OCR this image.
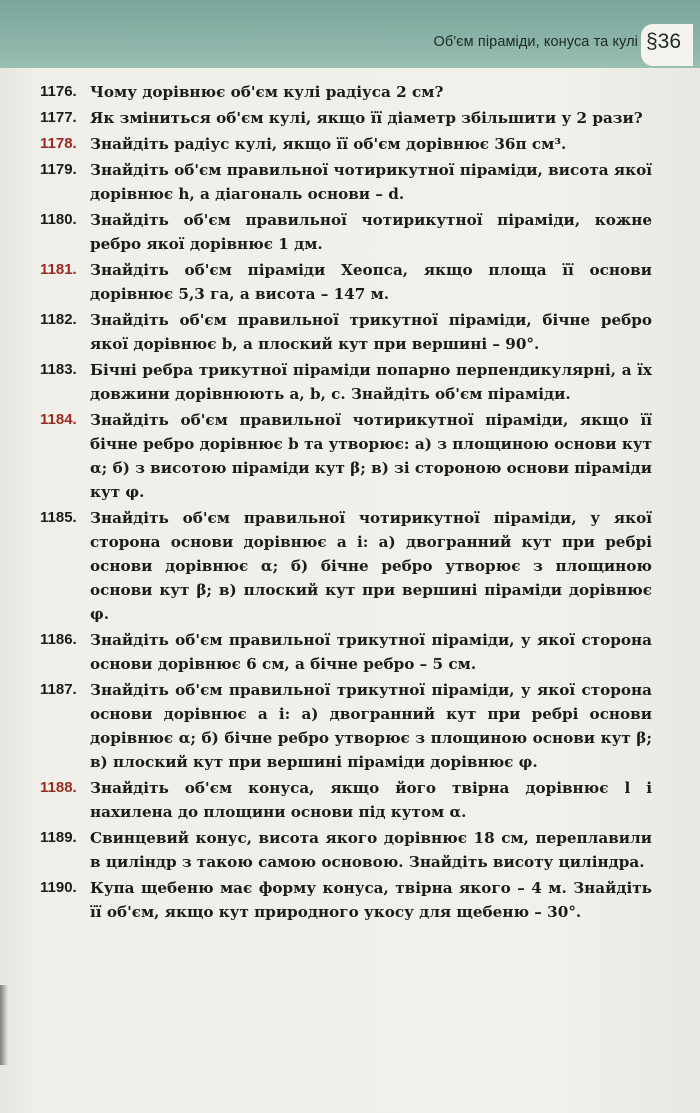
Об'єм піраміди, конуса та кулі §36
1176. Чому дорівнює об'єм кулі радіуса 2 см?
1177. Як зміниться об'єм кулі, якщо її діаметр збільшити у 2 рази?
1178. Знайдіть радіус кулі, якщо її об'єм дорівнює 36π см³.
1179. Знайдіть об'єм правильної чотирикутної піраміди, висота якої дорівнює h, а діагональ основи – d.
1180. Знайдіть об'єм правильної чотирикутної піраміди, кожне ребро якої дорівнює 1 дм.
1181. Знайдіть об'єм піраміди Хеопса, якщо площа її основи дорівнює 5,3 га, а висота – 147 м.
1182. Знайдіть об'єм правильної трикутної піраміди, бічне ребро якої дорівнює b, а плоский кут при вершині – 90°.
1183. Бічні ребра трикутної піраміди попарно перпендикулярні, а їх довжини дорівнюють a, b, c. Знайдіть об'єм піраміди.
1184. Знайдіть об'єм правильної чотирикутної піраміди, якщо її бічне ребро дорівнює b та утворює: а) з площиною основи кут α; б) з висотою піраміди кут β; в) зі стороною основи піраміди кут φ.
1185. Знайдіть об'єм правильної чотирикутної піраміди, у якої сторона основи дорівнює a і: а) двогранний кут при ребрі основи дорівнює α; б) бічне ребро утворює з площиною основи кут β; в) плоский кут при вершині піраміди дорівнює φ.
1186. Знайдіть об'єм правильної трикутної піраміди, у якої сторона основи дорівнює 6 см, а бічне ребро – 5 см.
1187. Знайдіть об'єм правильної трикутної піраміди, у якої сторона основи дорівнює a і: а) двогранний кут при ребрі основи дорівнює α; б) бічне ребро утворює з площиною основи кут β; в) плоский кут при вершині піраміди дорівнює φ.
1188. Знайдіть об'єм конуса, якщо його твірна дорівнює l і нахилена до площини основи під кутом α.
1189. Свинцевий конус, висота якого дорівнює 18 см, переплавили в циліндр з такою самою основою. Знайдіть висоту циліндра.
1190. Купа щебеню має форму конуса, твірна якого – 4 м. Знайдіть її об'єм, якщо кут природного укосу для щебеню – 30°.
